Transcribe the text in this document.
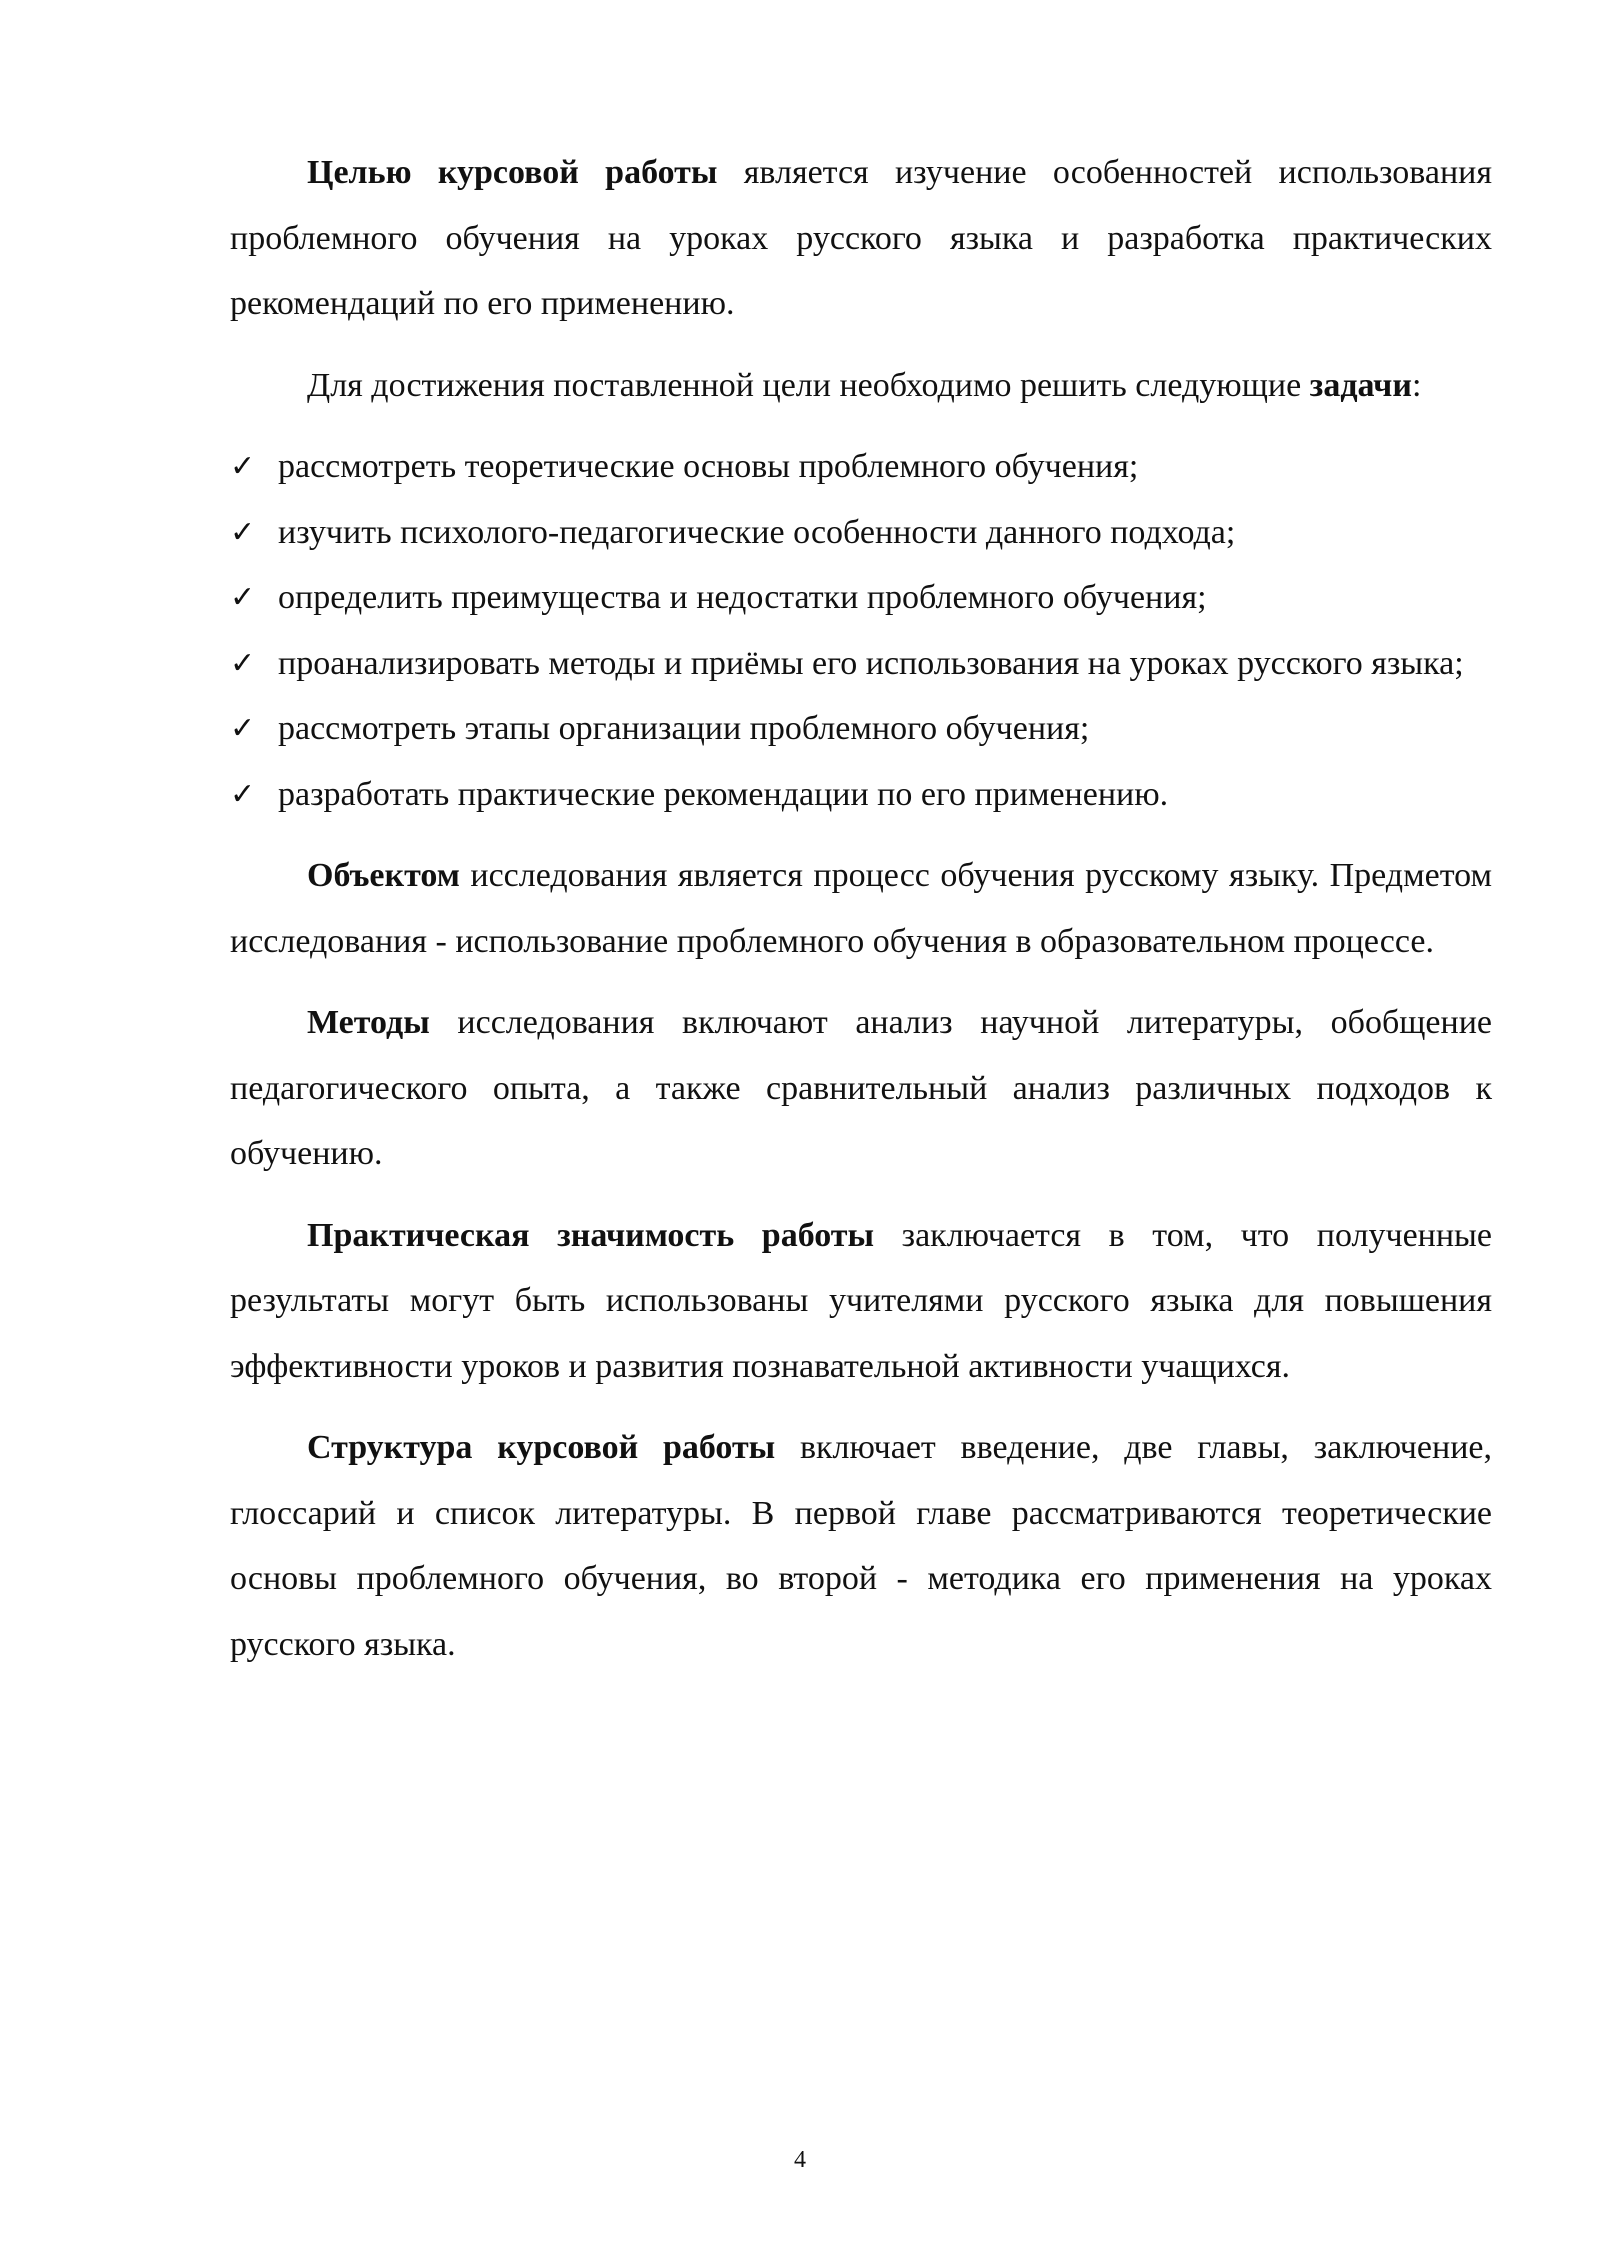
Целью курсовой работы является изучение особенностей использования проблемного обучения на уроках русского языка и разработка практических рекомендаций по его применению.

Для достижения поставленной цели необходимо решить следующие задачи:

✓ рассмотреть теоретические основы проблемного обучения;
✓ изучить психолого-педагогические особенности данного подхода;
✓ определить преимущества и недостатки проблемного обучения;
✓ проанализировать методы и приёмы его использования на уроках русского языка;
✓ рассмотреть этапы организации проблемного обучения;
✓ разработать практические рекомендации по его применению.

Объектом исследования является процесс обучения русскому языку. Предметом исследования - использование проблемного обучения в образовательном процессе.

Методы исследования включают анализ научной литературы, обобщение педагогического опыта, а также сравнительный анализ различных подходов к обучению.

Практическая значимость работы заключается в том, что полученные результаты могут быть использованы учителями русского языка для повышения эффективности уроков и развития познавательной активности учащихся.

Структура курсовой работы включает введение, две главы, заключение, глоссарий и список литературы. В первой главе рассматриваются теоретические основы проблемного обучения, во второй - методика его применения на уроках русского языка.

4
